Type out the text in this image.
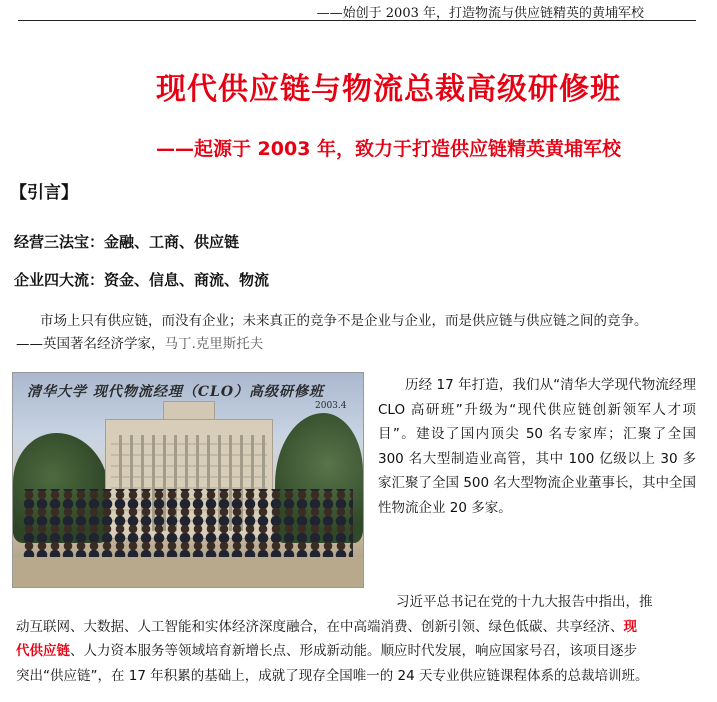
——始创于 2003 年，打造物流与供应链精英的黄埔军校
现代供应链与物流总裁高级研修班
——起源于 2003 年，致力于打造供应链精英黄埔军校
【引言】
经营三法宝：金融、工商、供应链
企业四大流：资金、信息、商流、物流
市场上只有供应链，而没有企业；未来真正的竞争不是企业与企业，而是供应链与供应链之间的竞争。
——英国著名经济学家，马丁.克里斯托夫
清华大学 现代物流经理（CLO）高级研修班
2003.4
历经 17 年打造，我们从“清华大学现代物流经理 CLO 高研班”升级为“现代供应链创新领军人才项目”。建设了国内顶尖 50 名专家库；汇聚了全国 300 名大型制造业高管，其中 100 亿级以上 30 多家汇聚了全国 500 名大型物流企业董事长，其中全国性物流企业 20 多家。
习近平总书记在党的十九大报告中指出，推
动互联网、大数据、人工智能和实体经济深度融合，在中高端消费、创新引领、绿色低碳、共享经济、现
代供应链、人力资本服务等领域培育新增长点、形成新动能。顺应时代发展，响应国家号召，该项目逐步
突出“供应链”，在 17 年积累的基础上，成就了现存全国唯一的 24 天专业供应链课程体系的总裁培训班。
